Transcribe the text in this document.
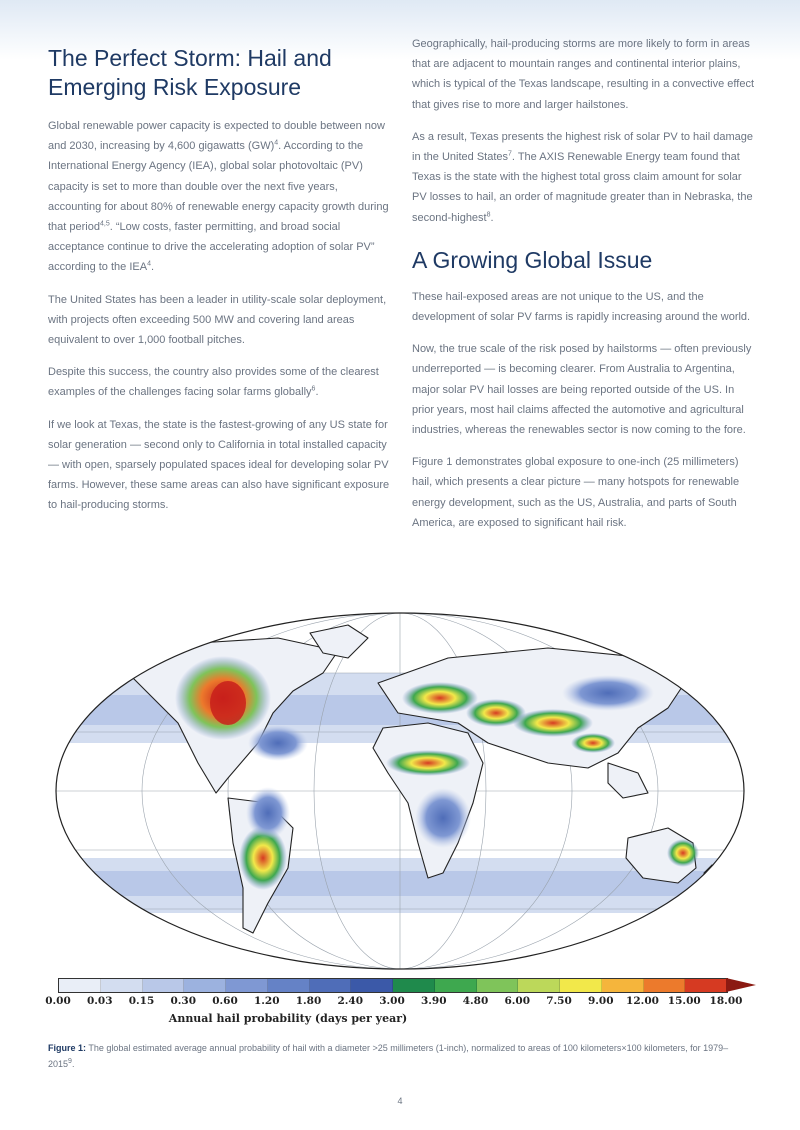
The Perfect Storm: Hail and Emerging Risk Exposure

Global renewable power capacity is expected to double between now and 2030, increasing by 4,600 gigawatts (GW)$^4$. According to the International Energy Agency (IEA), global solar photovoltaic (PV) capacity is set to more than double over the next five years, accounting for about 80% of renewable energy capacity growth during that period$^{4,5}$. “Low costs, faster permitting, and broad social acceptance continue to drive the accelerating adoption of solar PV” according to the IEA$^4$.

The United States has been a leader in utility-scale solar deployment, with projects often exceeding 500 MW and covering land areas equivalent to over 1,000 football pitches.

Despite this success, the country also provides some of the clearest examples of the challenges facing solar farms globally$^6$.

If we look at Texas, the state is the fastest-growing of any US state for solar generation — second only to California in total installed capacity — with open, sparsely populated spaces ideal for developing solar PV farms. However, these same areas can also have significant exposure to hail-producing storms.

Geographically, hail-producing storms are more likely to form in areas that are adjacent to mountain ranges and continental interior plains, which is typical of the Texas landscape, resulting in a convective effect that gives rise to more and larger hailstones.

As a result, Texas presents the highest risk of solar PV to hail damage in the United States$^7$. The AXIS Renewable Energy team found that Texas is the state with the highest total gross claim amount for solar PV losses to hail, an order of magnitude greater than in Nebraska, the second-highest$^8$.

A Growing Global Issue

These hail-exposed areas are not unique to the US, and the development of solar PV farms is rapidly increasing around the world.

Now, the true scale of the risk posed by hailstorms — often previously underreported — is becoming clearer. From Australia to Argentina, major solar PV hail losses are being reported outside of the US. In prior years, most hail claims affected the automotive and agricultural industries, whereas the renewables sector is now coming to the fore.

Figure 1 demonstrates global exposure to one-inch (25 millimeters) hail, which presents a clear picture — many hotspots for renewable energy development, such as the US, Australia, and parts of South America, are exposed to significant hail risk.

0.00 0.03 0.15 0.30 0.60 1.20 1.80 2.40 3.00 3.90 4.80 6.00 7.50 9.00 12.00 15.00 18.00
Annual hail probability (days per year)
Figure 1: The global estimated average annual probability of hail with a diameter >25 millimeters (1-inch), normalized to areas of 100 kilometers×100 kilometers, for 1979–2015$^9$.
4
